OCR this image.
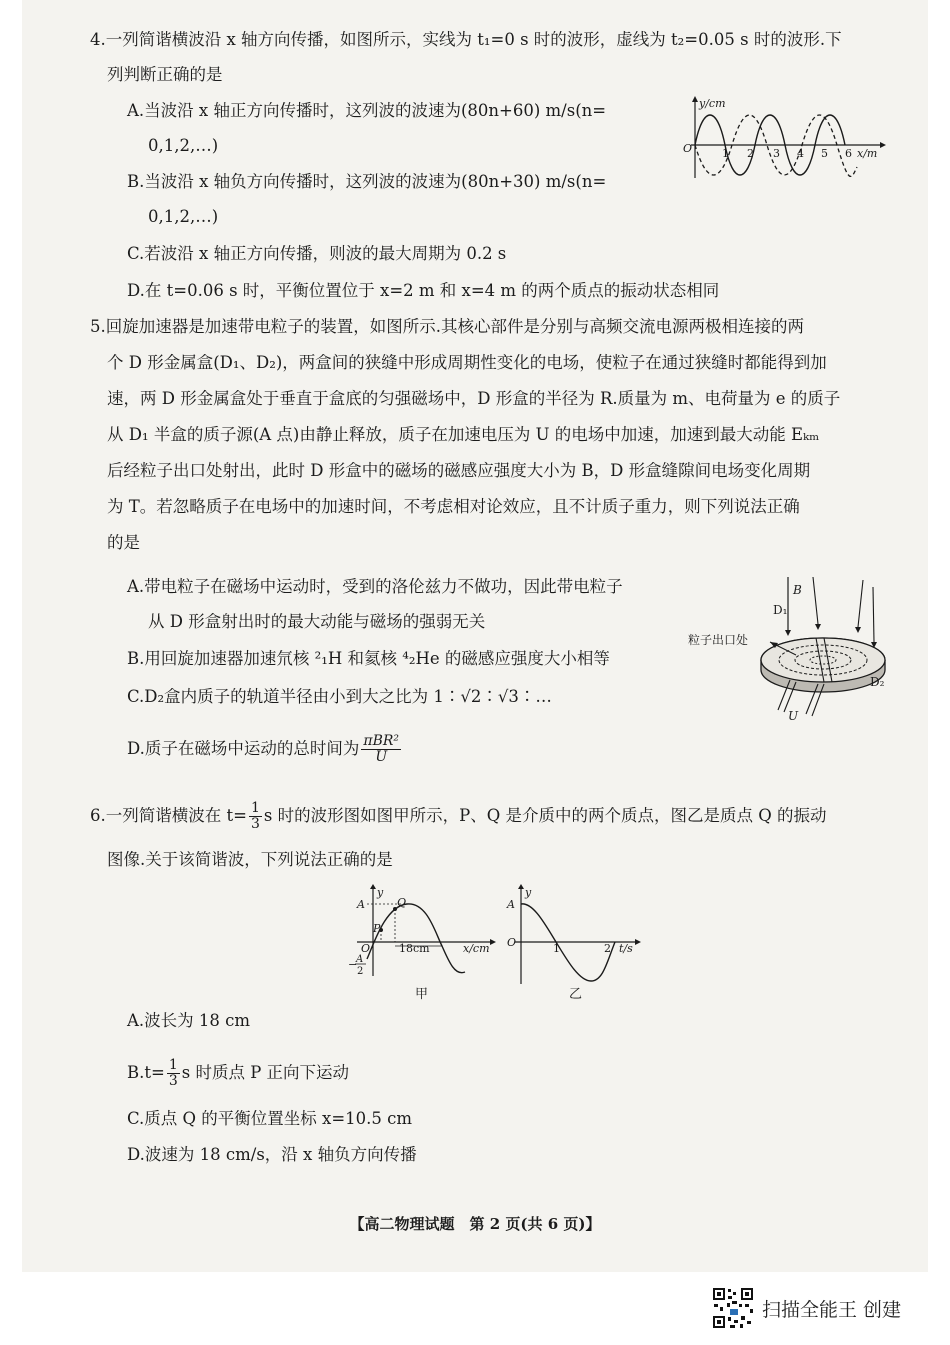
4.一列简谐横波沿 x 轴方向传播，如图所示，实线为 t₁=0 s 时的波形，虚线为 t₂=0.05 s 时的波形.下
列判断正确的是
A.当波沿 x 轴正方向传播时，这列波的波速为(80n+60) m/s(n=
0,1,2,…)
B.当波沿 x 轴负方向传播时，这列波的波速为(80n+30) m/s(n=
0,1,2,…)
C.若波沿 x 轴正方向传播，则波的最大周期为 0.2 s
D.在 t=0.06 s 时，平衡位置位于 x=2 m 和 x=4 m 的两个质点的振动状态相同
y/cm
x/m
O	1 2 3 4 5 6
5.回旋加速器是加速带电粒子的装置，如图所示.其核心部件是分别与高频交流电源两极相连接的两
个 D 形金属盒(D₁、D₂)，两盒间的狭缝中形成周期性变化的电场，使粒子在通过狭缝时都能得到加
速，两 D 形金属盒处于垂直于盒底的匀强磁场中，D 形盒的半径为 R.质量为 m、电荷量为 e 的质子
从 D₁ 半盒的质子源(A 点)由静止释放，质子在加速电压为 U 的电场中加速，加速到最大动能 Eₖₘ
后经粒子出口处射出，此时 D 形盒中的磁场的磁感应强度大小为 B，D 形盒缝隙间电场变化周期
为 T。若忽略质子在电场中的加速时间，不考虑相对论效应，且不计质子重力，则下列说法正确
的是
A.带电粒子在磁场中运动时，受到的洛伦兹力不做功，因此带电粒子
从 D 形盒射出时的最大动能与磁场的强弱无关
B.用回旋加速器加速氘核 ²₁H 和氦核 ⁴₂He 的磁感应强度大小相等
C.D₂盒内质子的轨道半径由小到大之比为 1∶√2∶√3∶…
D.质子在磁场中运动的总时间为 $\frac{\text{πBR²}}{U}$
B
D₁
粒子出口处
D₂
U
6.一列简谐横波在 $t= \frac{1}{3}$ s 时的波形图如图甲所示，P、Q 是介质中的两个质点，图乙是质点 Q 的振动
图像.关于该简谐波，下列说法正确的是
y
A	Q
P
O	18cm	x/cm
−
A
2
甲
y
A
O	1	2 t/s
乙
A.波长为 18 cm
$B.t= \frac{1}{3}$ s 时质点 P 正向下运动
C.质点 Q 的平衡位置坐标 x=10.5 cm
D.波速为 18 cm/s，沿 x 轴负方向传播
【高二物理试题　第 2 页(共 6 页)】
扫描全能王 创建
